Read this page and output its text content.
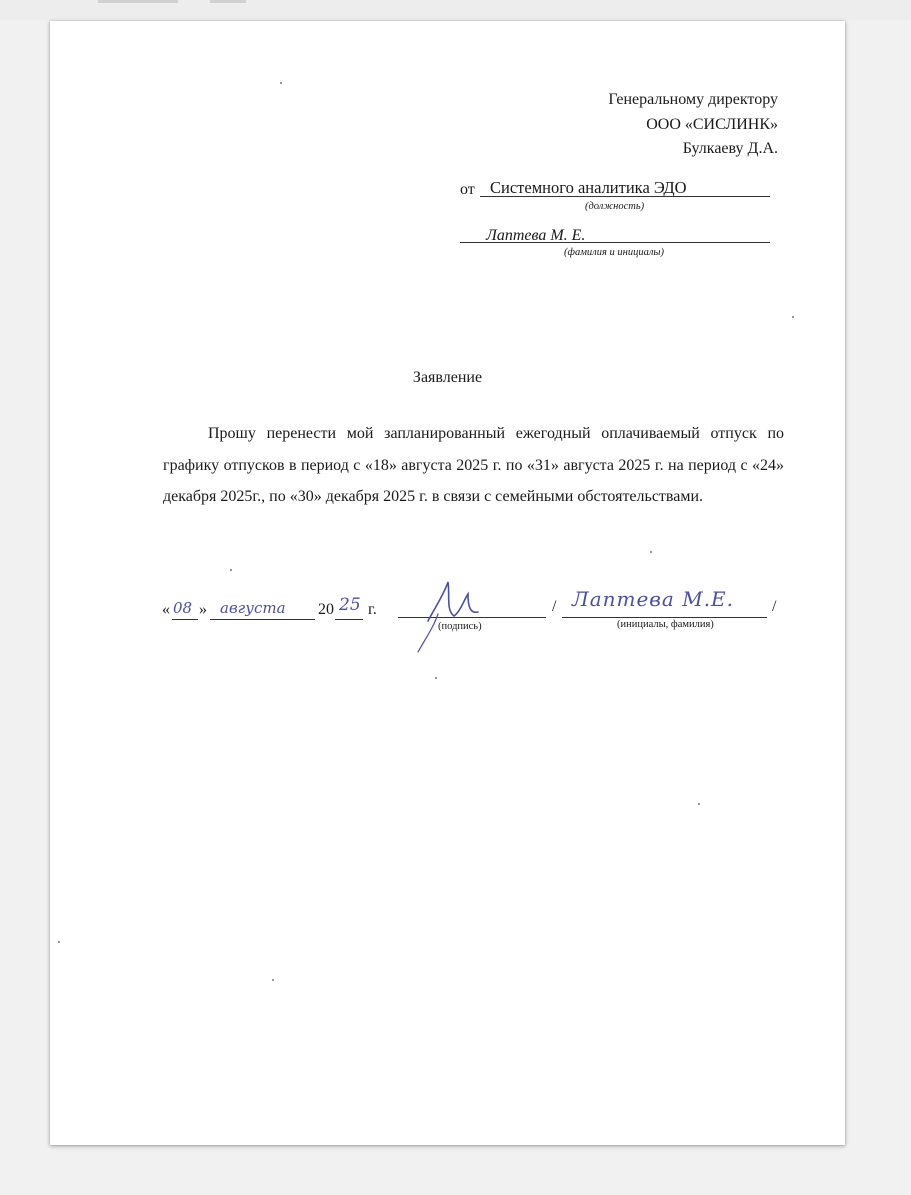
Генеральному директору
ООО «СИСЛИНК»
Булкаеву Д.А.
от Системного аналитика ЭДО
(должность)
Лаптева М. Е.
(фамилия и инициалы)
Заявление

Прошу перенести мой запланированный ежегодный оплачиваемый отпуск по графику отпусков в период с «18» августа 2025 г. по «31» августа 2025 г. на период с «24» декабря 2025г., по «30» декабря 2025 г. в связи с семейными обстоятельствами.

« 08 » августа 20 25 г.
(подпись)
/ Лаптева М.Е. /
(инициалы, фамилия)
